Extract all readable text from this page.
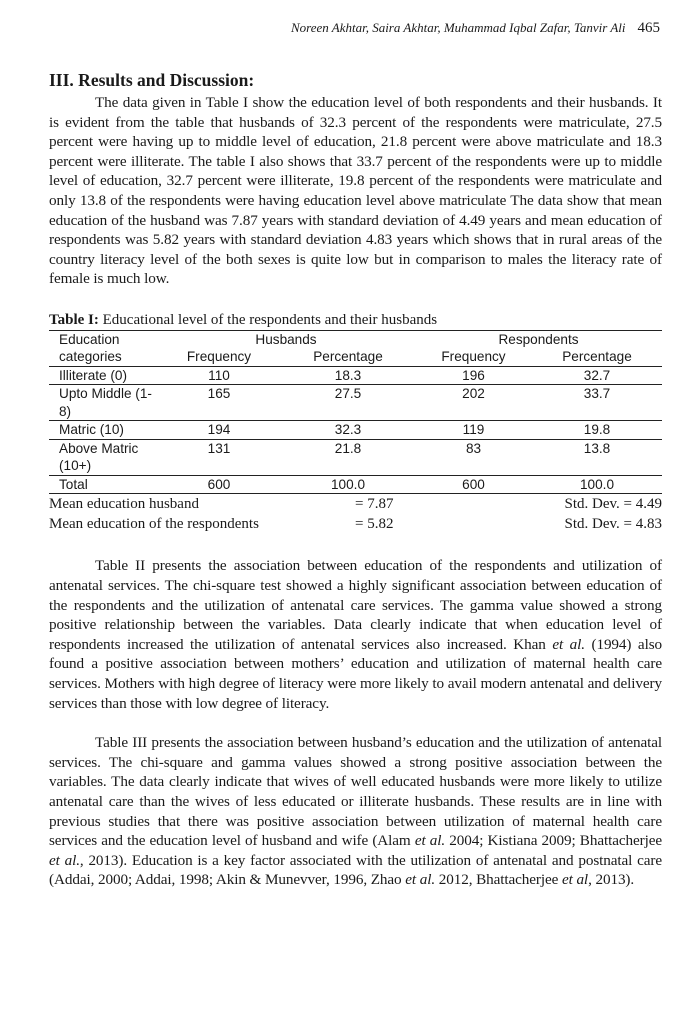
Noreen Akhtar, Saira Akhtar, Muhammad Iqbal Zafar, Tanvir Ali 465
III. Results and Discussion:

The data given in Table I show the education level of both respondents and their husbands. It is evident from the table that husbands of 32.3 percent of the respondents were matriculate, 27.5 percent were having up to middle level of education, 21.8 percent were above matriculate and 18.3 percent were illiterate. The table I also shows that 33.7 percent of the respondents were up to middle level of education, 32.7 percent were illiterate, 19.8 percent of the respondents were matriculate and only 13.8 of the respondents were having education level above matriculate The data show that mean education of the husband was 7.87 years with standard deviation of 4.49 years and mean education of respondents was 5.82 years with standard deviation 4.83 years which shows that in rural areas of the country literacy level of the both sexes is quite low but in comparison to males the literacy rate of female is much low.

Table I: Educational level of the respondents and their husbands
Education	Husbands		Respondents	
categories	Frequency	Percentage	Frequency	Percentage
Illiterate (0)	110	18.3	196	32.7
Upto Middle (1-8)	165	27.5	202	33.7
Matric (10)	194	32.3	119	19.8
Above Matric (10+)	131	21.8	83	13.8
Total	600	100.0	600	100.0
Mean education husband	= 7.87	Std. Dev. = 4.49
Mean education of the respondents	= 5.82	Std. Dev. = 4.83

Table II presents the association between education of the respondents and utilization of antenatal services. The chi-square test showed a highly significant association between education of the respondents and the utilization of antenatal care services. The gamma value showed a strong positive relationship between the variables. Data clearly indicate that when education level of respondents increased the utilization of antenatal services also increased. Khan et al. (1994) also found a positive association between mothers’ education and utilization of maternal health care services. Mothers with high degree of literacy were more likely to avail modern antenatal and delivery services than those with low degree of literacy.

Table III presents the association between husband’s education and the utilization of antenatal services. The chi-square and gamma values showed a strong positive association between the variables. The data clearly indicate that wives of well educated husbands were more likely to utilize antenatal care than the wives of less educated or illiterate husbands. These results are in line with previous studies that there was positive association between utilization of maternal health care services and the education level of husband and wife (Alam et al. 2004; Kistiana 2009; Bhattacherjee et al., 2013). Education is a key factor associated with the utilization of antenatal and postnatal care (Addai, 2000; Addai, 1998; Akin & Munevver, 1996, Zhao et al. 2012, Bhattacherjee et al, 2013).
